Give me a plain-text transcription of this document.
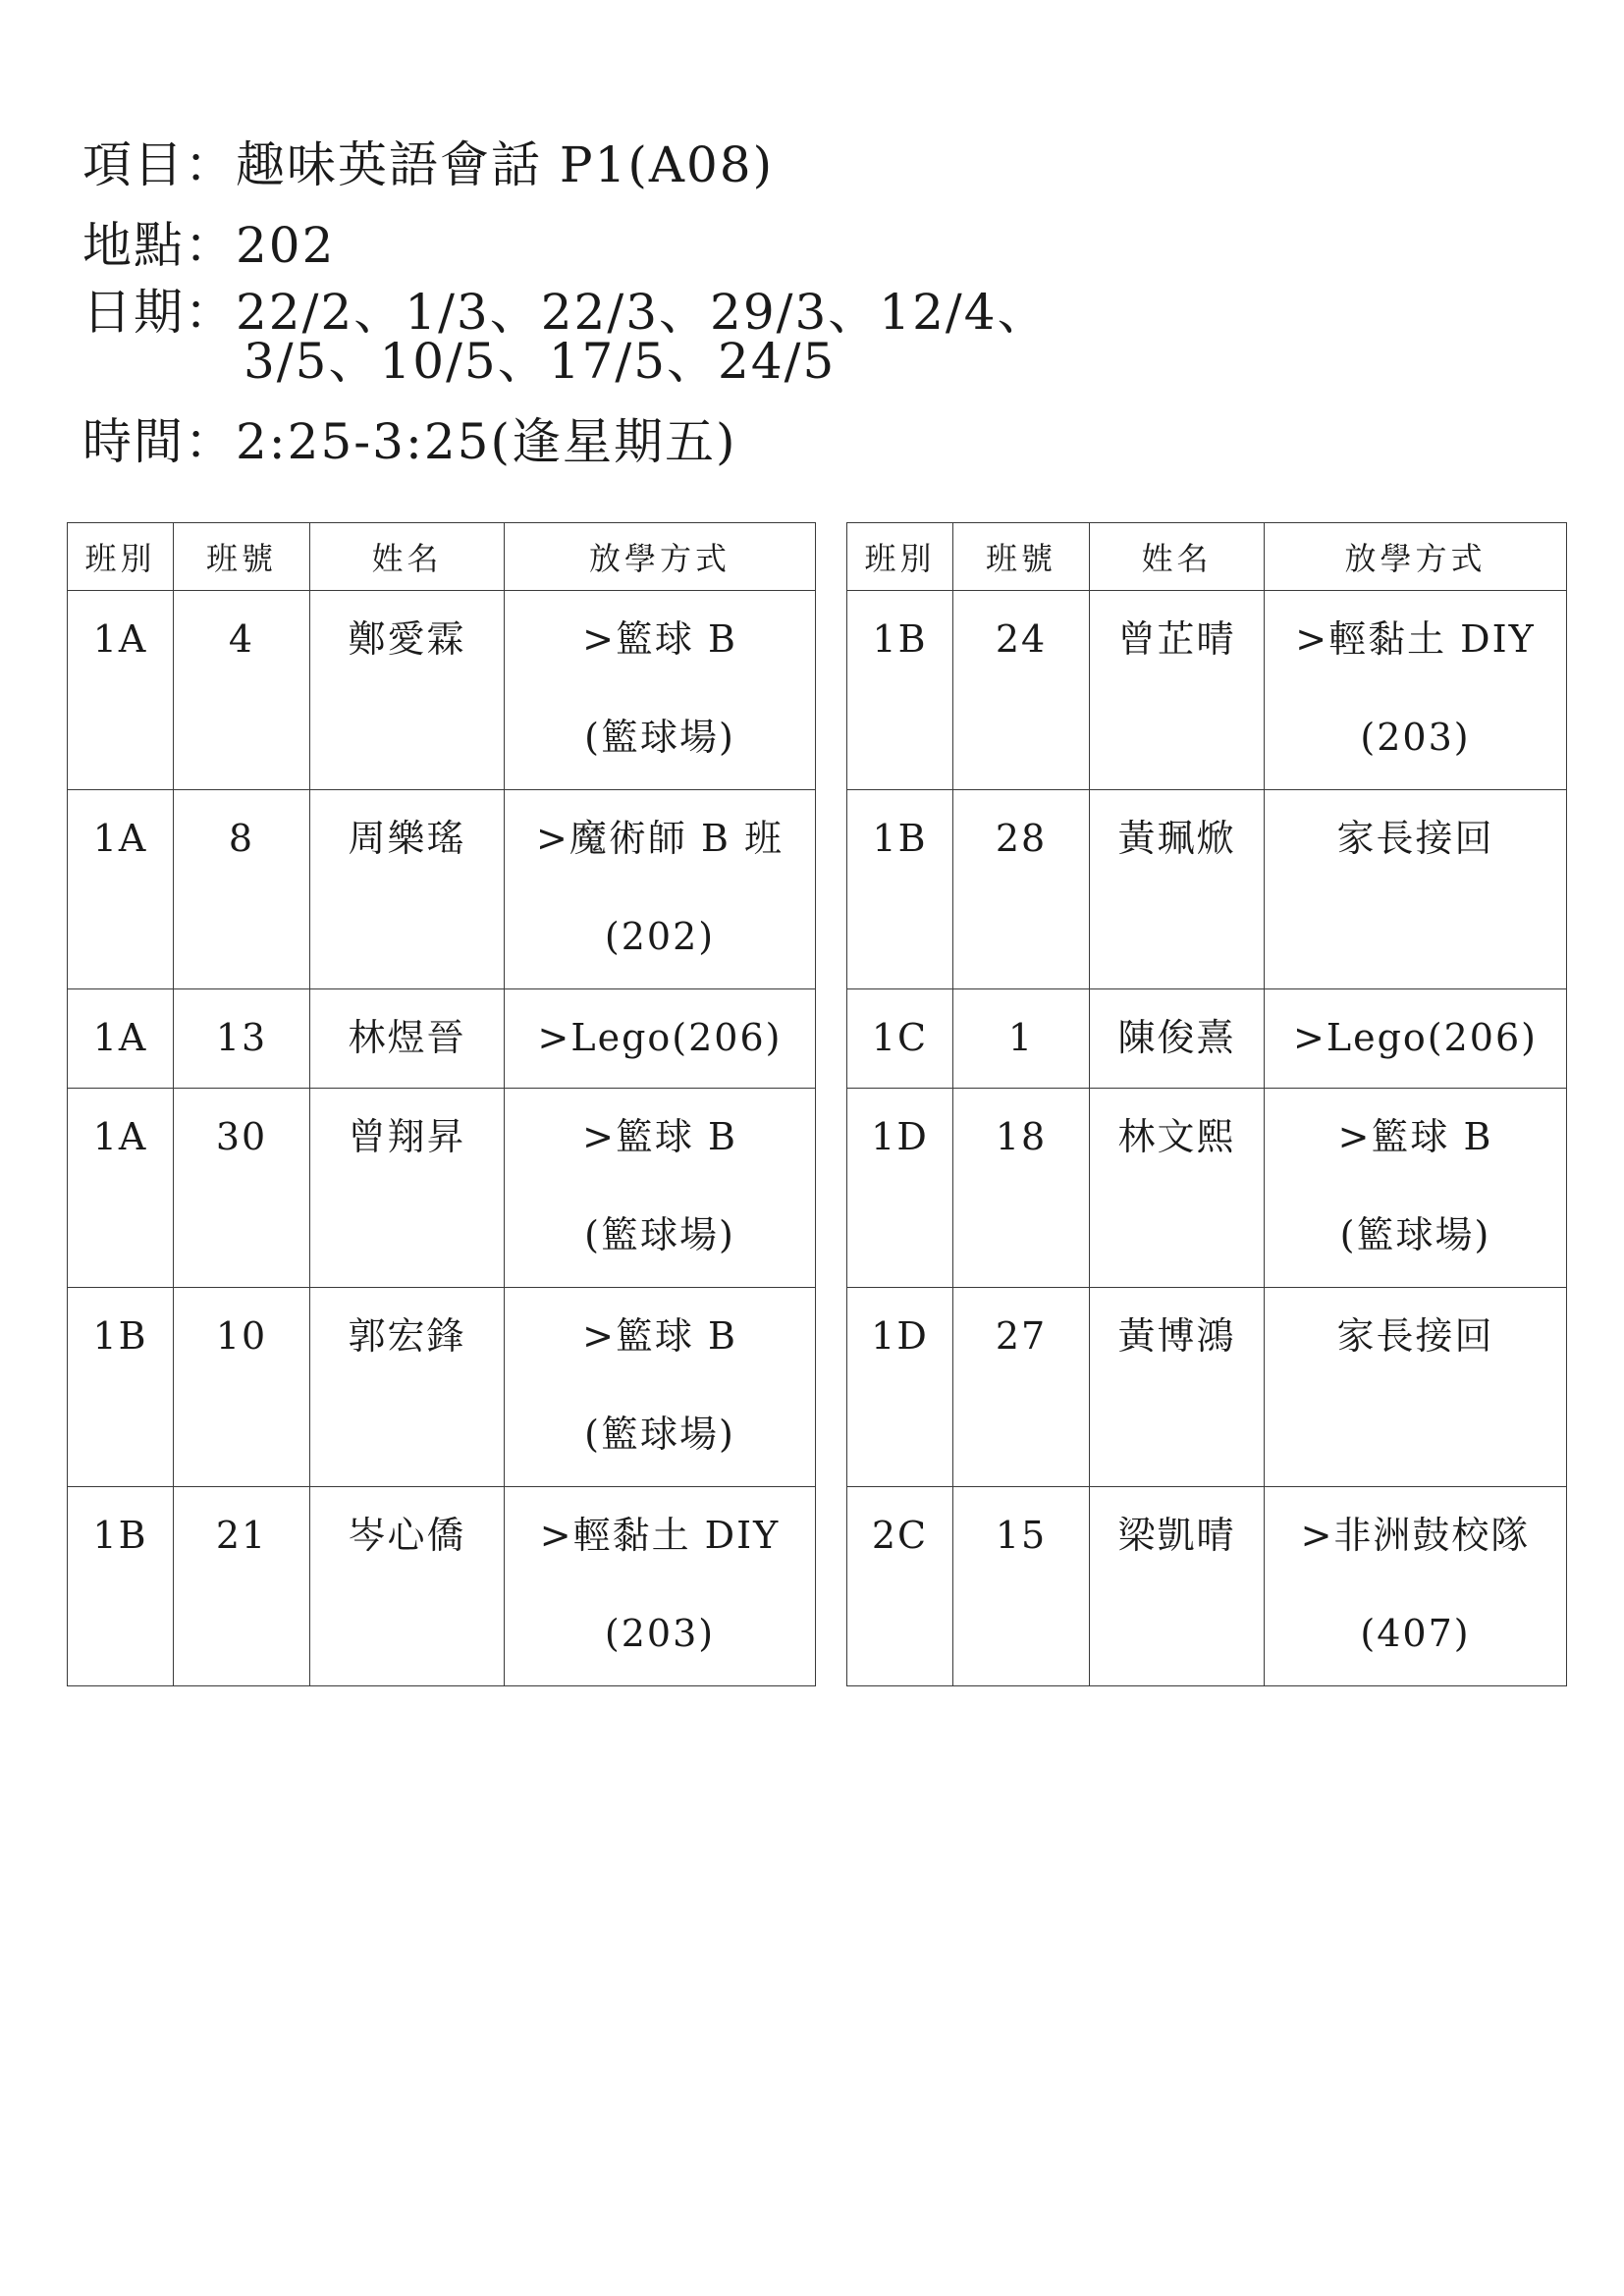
項目：趣味英語會話 P1(A08)
地點：202
日期：22/2、1/3、22/3、29/3、12/4、
3/5、10/5、17/5、24/5
時間：2:25-3:25(逢星期五)
班別	班號	姓名	放學方式
1A	4	鄭愛霖	>籃球 B
(籃球場)

1A	8	周樂瑤	>魔術師 B 班
(202)

1A	13	林煜晉	>Lego(206)
1A	30	曾翔昇	>籃球 B
(籃球場)

1B	10	郭宏鋒	>籃球 B
(籃球場)

1B	21	岑心僑	>輕黏土 DIY
(203)
班別	班號	姓名	放學方式
1B	24	曾芷晴	>輕黏土 DIY
(203)

1B	28	黃珮焮	家長接回
1C	1	陳俊熹	>Lego(206)
1D	18	林文熙	>籃球 B
(籃球場)

1D	27	黃博鴻	家長接回
2C	15	梁凱晴	>非洲鼓校隊
(407)
